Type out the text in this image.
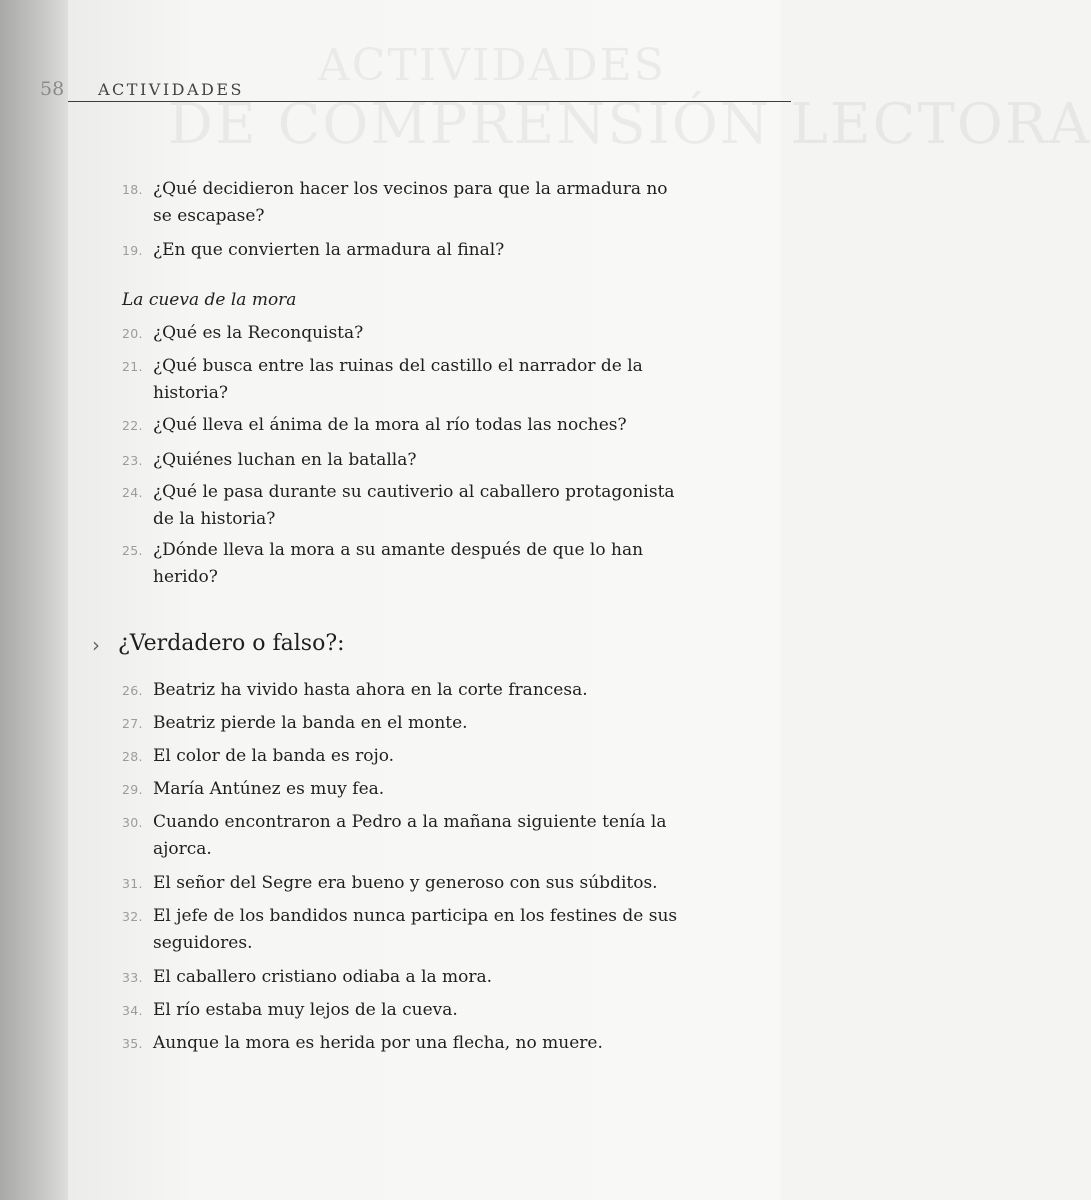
DE COMPRENSIÓN LECTORA
ACTIVIDADES
58 ACTIVIDADES
18. ¿Qué decidieron hacer los vecinos para que la armadura no se escapase?
19. ¿En que convierten la armadura al final?
La cueva de la mora
20. ¿Qué es la Reconquista?
21. ¿Qué busca entre las ruinas del castillo el narrador de la historia?
22. ¿Qué lleva el ánima de la mora al río todas las noches?
23. ¿Quiénes luchan en la batalla?
24. ¿Qué le pasa durante su cautiverio al caballero protagonista de la historia?
25. ¿Dónde lleva la mora a su amante después de que lo han herido?
› ¿Verdadero o falso?:
26. Beatriz ha vivido hasta ahora en la corte francesa.
27. Beatriz pierde la banda en el monte.
28. El color de la banda es rojo.
29. María Antúnez es muy fea.
30. Cuando encontraron a Pedro a la mañana siguiente tenía la ajorca.
31. El señor del Segre era bueno y generoso con sus súbditos.
32. El jefe de los bandidos nunca participa en los festines de sus seguidores.
33. El caballero cristiano odiaba a la mora.
34. El río estaba muy lejos de la cueva.
35. Aunque la mora es herida por una flecha, no muere.
